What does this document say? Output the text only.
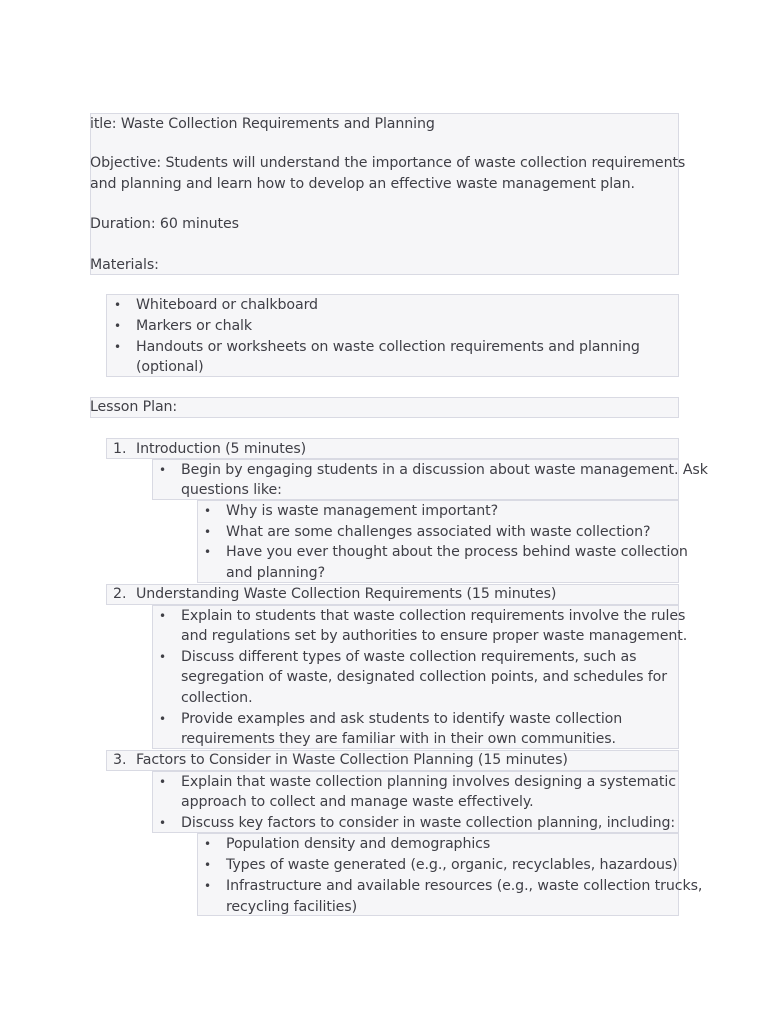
itle: Waste Collection Requirements and Planning
Objective: Students will understand the importance of waste collection requirements
and planning and learn how to develop an effective waste management plan.
Duration: 60 minutes
Materials:
• Whiteboard or chalkboard
• Markers or chalk
• Handouts or worksheets on waste collection requirements and planning
(optional)
Lesson Plan:
1. Introduction (5 minutes)
• Begin by engaging students in a discussion about waste management. Ask
questions like:
• Why is waste management important?
• What are some challenges associated with waste collection?
• Have you ever thought about the process behind waste collection
and planning?
2. Understanding Waste Collection Requirements (15 minutes)
• Explain to students that waste collection requirements involve the rules
and regulations set by authorities to ensure proper waste management.
• Discuss different types of waste collection requirements, such as
segregation of waste, designated collection points, and schedules for
collection.
• Provide examples and ask students to identify waste collection
requirements they are familiar with in their own communities.
3. Factors to Consider in Waste Collection Planning (15 minutes)
• Explain that waste collection planning involves designing a systematic
approach to collect and manage waste effectively.
• Discuss key factors to consider in waste collection planning, including:
• Population density and demographics
• Types of waste generated (e.g., organic, recyclables, hazardous)
• Infrastructure and available resources (e.g., waste collection trucks,
recycling facilities)
